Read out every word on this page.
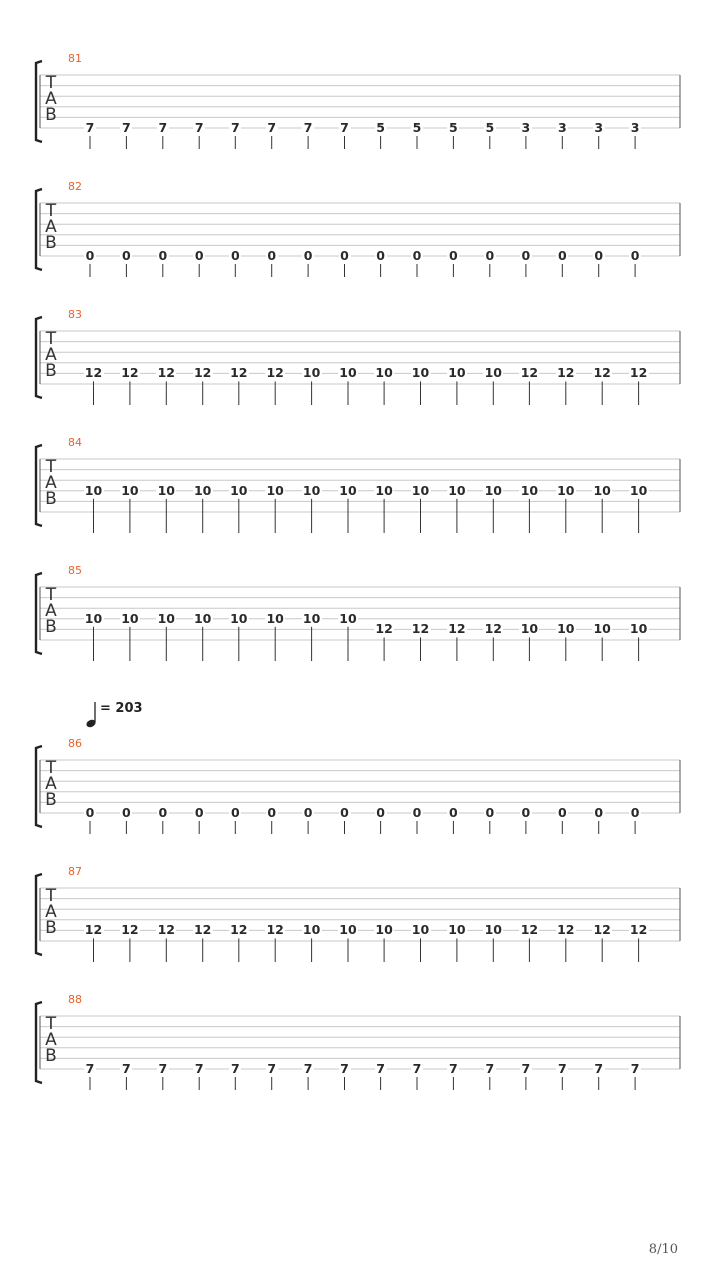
81
T
A
B
7 7 7 7 7 7 7 7 5 5 5 5 3 3 3 3
82
T
A
B
0 0 0 0 0 0 0 0 0 0 0 0 0 0 0 0
83
T
A
B	12 12 12 12 12 12 10 10 10 10 10 10 12 12 12 12
84
T
A
B	10 10 10 10 10 10 10 10 10 10 10 10 10 10 10 10
85
T
A
B	10 10 10 10 10 10 10 10
12 12 12 12 10 10 10 10
86
T
A
B
0 0 0 0 0 0 0 0 0 0 0 0 0 0 0 0
87
T
A
B	12 12 12 12 12 12 10 10 10 10 10 10 12 12 12 12
88
T
A
B
7 7 7 7 7 7 7 7 7 7 7 7 7 7 7 7
= 203
8/10
